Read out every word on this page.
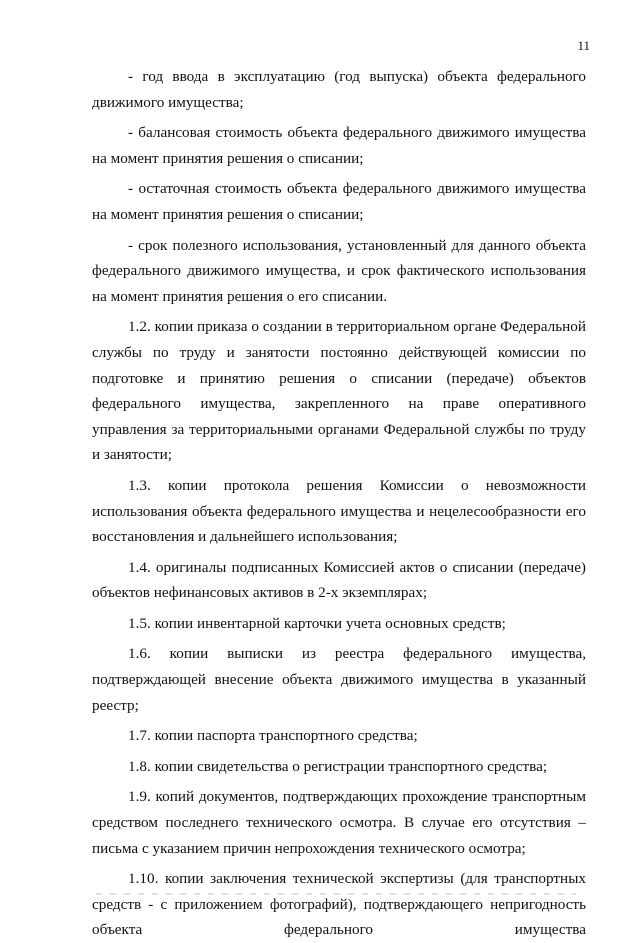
11

- год ввода в эксплуатацию (год выпуска) объекта федерального движимого имущества;

- балансовая стоимость объекта федерального движимого имущества на момент принятия решения о списании;

- остаточная стоимость объекта федерального движимого имущества на момент принятия решения о списании;

- срок полезного использования, установленный для данного объекта федерального движимого имущества, и срок фактического использования на момент принятия решения о его списании.

1.2. копии приказа о создании в территориальном органе Федеральной службы по труду и занятости постоянно действующей комиссии по подготовке и принятию решения о списании (передаче) объектов федерального имущества, закрепленного на праве оперативного управления за территориальными органами Федеральной службы по труду и занятости;

1.3. копии протокола решения Комиссии о невозможности использования объекта федерального имущества и нецелесообразности его восстановления и дальнейшего использования;

1.4. оригиналы подписанных Комиссией актов о списании (передаче) объектов нефинансовых активов в 2-х экземплярах;

1.5. копии инвентарной карточки учета основных средств;

1.6. копии выписки из реестра федерального имущества, подтверждающей внесение объекта движимого имущества в указанный реестр;

1.7. копии паспорта транспортного средства;

1.8. копии свидетельства о регистрации транспортного средства;

1.9. копий документов, подтверждающих прохождение транспортным средством последнего технического осмотра. В случае его отсутствия – письма с указанием причин непрохождения технического осмотра;

1.10. копии заключения технической экспертизы (для транспортных средств - с приложением фотографий), подтверждающего непригодность объекта федерального имущества
